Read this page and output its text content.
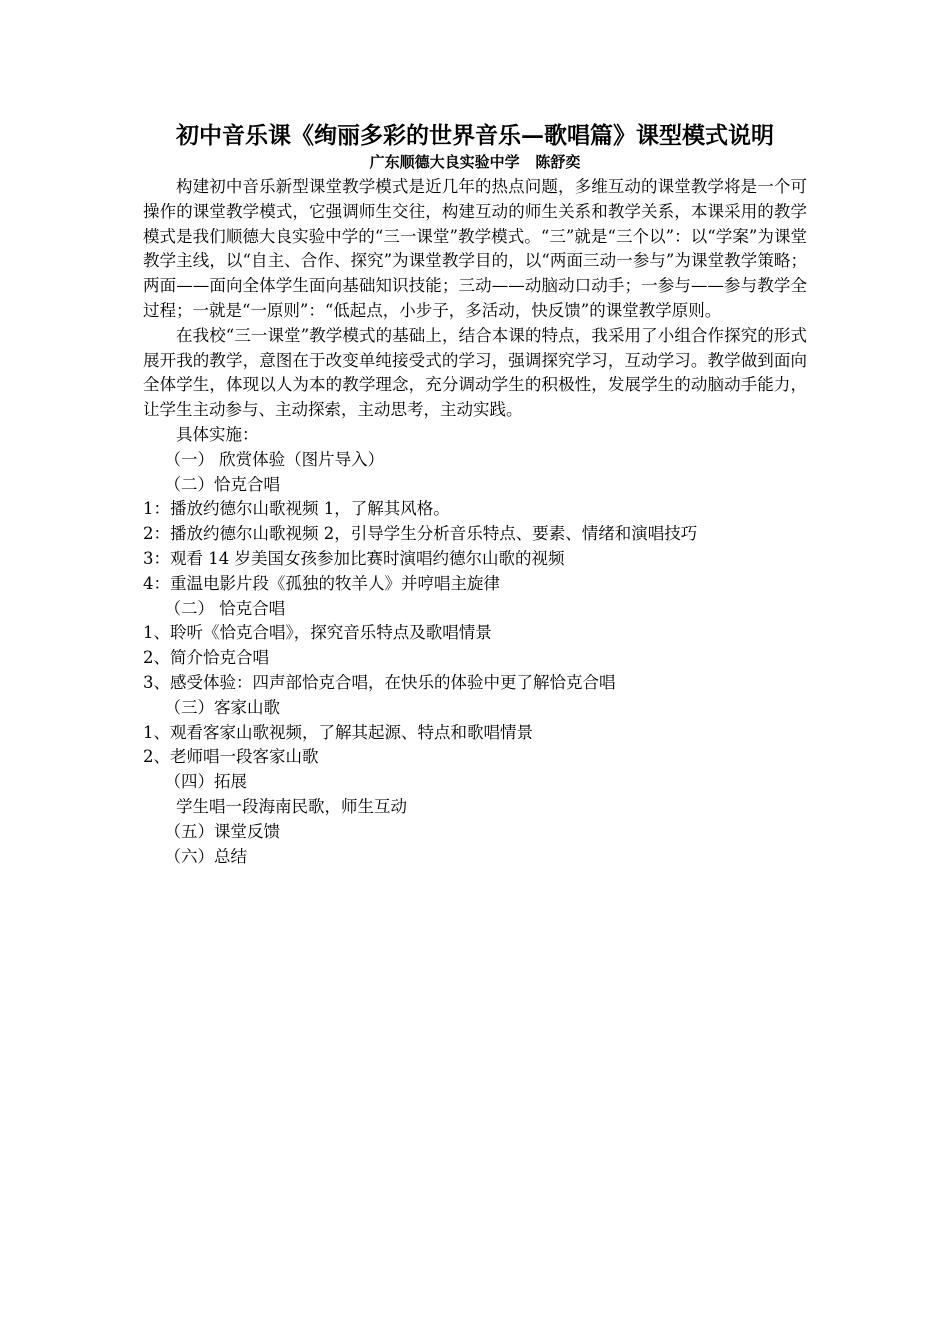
初中音乐课《绚丽多彩的世界音乐—歌唱篇》课型模式说明
广东顺德大良实验中学   陈舒奕

构建初中音乐新型课堂教学模式是近几年的热点问题，多维互动的课堂教学将是一个可操作的课堂教学模式，它强调师生交往，构建互动的师生关系和教学关系，本课采用的教学模式是我们顺德大良实验中学的“三一课堂”教学模式。“三”就是“三个以”：以“学案”为课堂教学主线，以“自主、合作、探究”为课堂教学目的，以“两面三动一参与”为课堂教学策略；两面——面向全体学生面向基础知识技能；三动——动脑动口动手；一参与——参与教学全过程；一就是“一原则”：“低起点，小步子，多活动，快反馈”的课堂教学原则。

在我校“三一课堂”教学模式的基础上，结合本课的特点，我采用了小组合作探究的形式展开我的教学，意图在于改变单纯接受式的学习，强调探究学习，互动学习。教学做到面向全体学生，体现以人为本的教学理念，充分调动学生的积极性，发展学生的动脑动手能力，让学生主动参与、主动探索，主动思考，主动实践。

具体实施：
（一） 欣赏体验（图片导入）
（二）恰克合唱
1：播放约德尔山歌视频 1，了解其风格。
2：播放约德尔山歌视频 2，引导学生分析音乐特点、要素、情绪和演唱技巧
3：观看 14 岁美国女孩参加比赛时演唱约德尔山歌的视频
4：重温电影片段《孤独的牧羊人》并哼唱主旋律
（二） 恰克合唱
1、聆听《恰克合唱》，探究音乐特点及歌唱情景
2、简介恰克合唱
3、感受体验：四声部恰克合唱，在快乐的体验中更了解恰克合唱
（三）客家山歌
1、观看客家山歌视频，了解其起源、特点和歌唱情景
2、老师唱一段客家山歌
（四）拓展
学生唱一段海南民歌，师生互动
（五）课堂反馈
（六）总结
